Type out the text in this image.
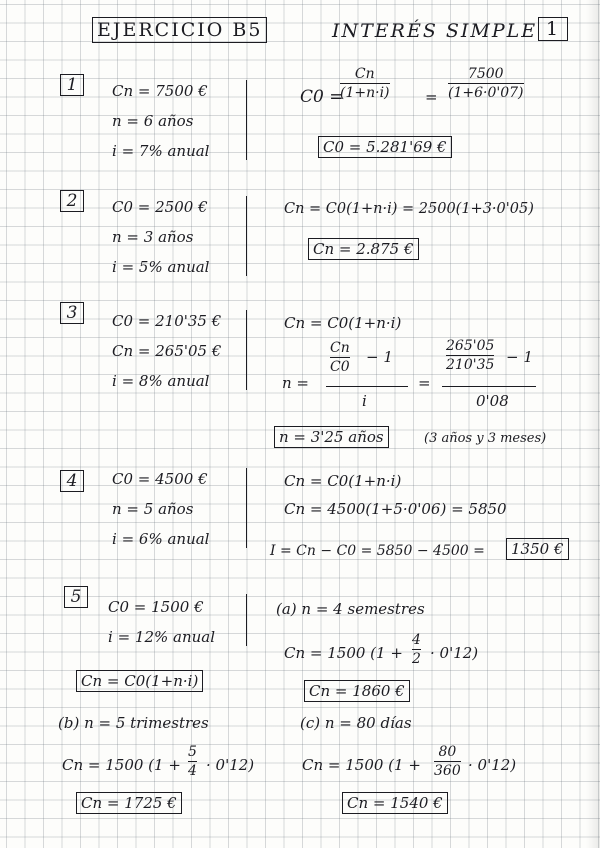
EJERCICIO B5	INTERÉS SIMPLE 1
1	Cn = 7500 €
n = 6 años
i = 7% anual
C0 =
Cn
(1+n·i) =
7500
(1+6·0'07)
C0 = 5.281'69 €
2	C0 = 2500 €
n = 3 años
i = 5% anual
Cn = C0(1+n·i) = 2500(1+3·0'05)
Cn = 2.875 €
3	C0 = 210'35 €
Cn = 265'05 €
i = 8% anual
Cn = C0(1+n·i)
n =
Cn
C0
− 1
i
=
265'05
210'35 − 1
0'08
n = 3'25 años	(3 años y 3 meses)
4	C0 = 4500 €
n = 5 años
i = 6% anual
Cn = C0(1+n·i)
Cn = 4500(1+5·0'06) = 5850
I = Cn − C0 = 5850 − 4500 =	1350 €
5	C0 = 1500 €
i = 12% anual
Cn = C0(1+n·i)
(a) n = 4 semestres
Cn = 1500 (1 +
4
2 · 0'12)
Cn = 1860 €
(b) n = 5 trimestres
Cn = 1500 (1 +
5
4 · 0'12)
Cn = 1725 €
(c) n = 80 días
Cn = 1500 (1 +
80
360 · 0'12)
Cn = 1540 €
